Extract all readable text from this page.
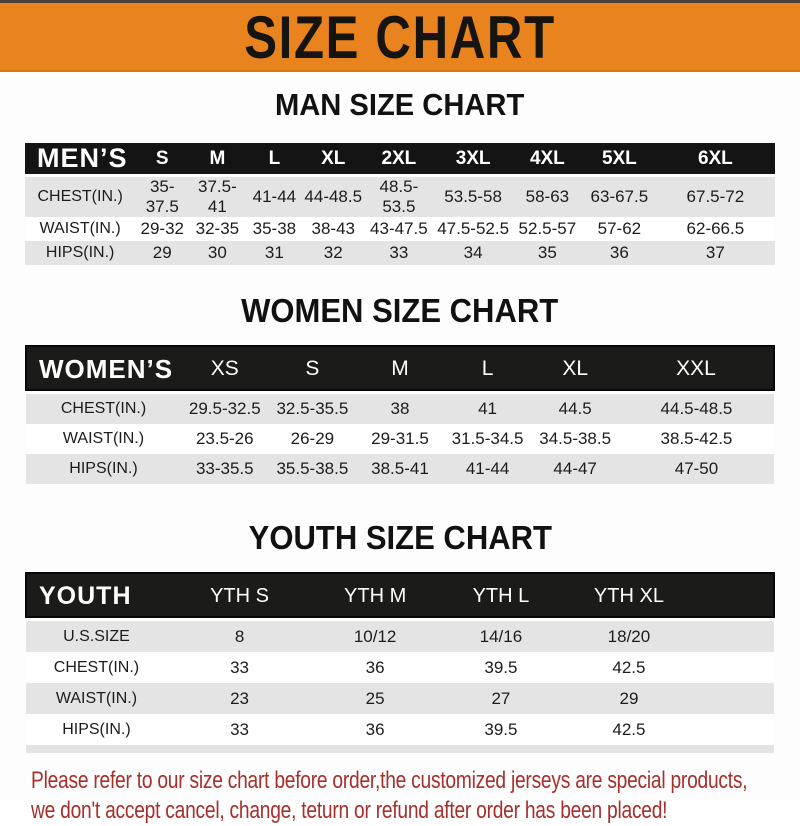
SIZE CHART
MAN SIZE CHART
MEN’S	S	M	L	XL	2XL	3XL	4XL	5XL	6XL
CHEST(IN.)	35-37.5	37.5-41	41-44	44-48.5	48.5-53.5	53.5-58	58-63	63-67.5	67.5-72
WAIST(IN.)	29-32	32-35	35-38	38-43	43-47.5	47.5-52.5	52.5-57	57-62	62-66.5
HIPS(IN.)	29	30	31	32	33	34	35	36	37
WOMEN SIZE CHART
WOMEN’S	XS	S	M	L	XL	XXL
CHEST(IN.)	29.5-32.5	32.5-35.5	38	41	44.5	44.5-48.5
WAIST(IN.)	23.5-26	26-29	29-31.5	31.5-34.5	34.5-38.5	38.5-42.5
HIPS(IN.)	33-35.5	35.5-38.5	38.5-41	41-44	44-47	47-50
YOUTH SIZE CHART
YOUTH	YTH S	YTH M	YTH L	YTH XL	
U.S.SIZE	8	10/12	14/16	18/20	
CHEST(IN.)	33	36	39.5	42.5	
WAIST(IN.)	23	25	27	29	
HIPS(IN.)	33	36	39.5	42.5	

Please refer to our size chart before order,the customized jerseys are special products,
we don't accept cancel, change, teturn or refund after order has been placed!
